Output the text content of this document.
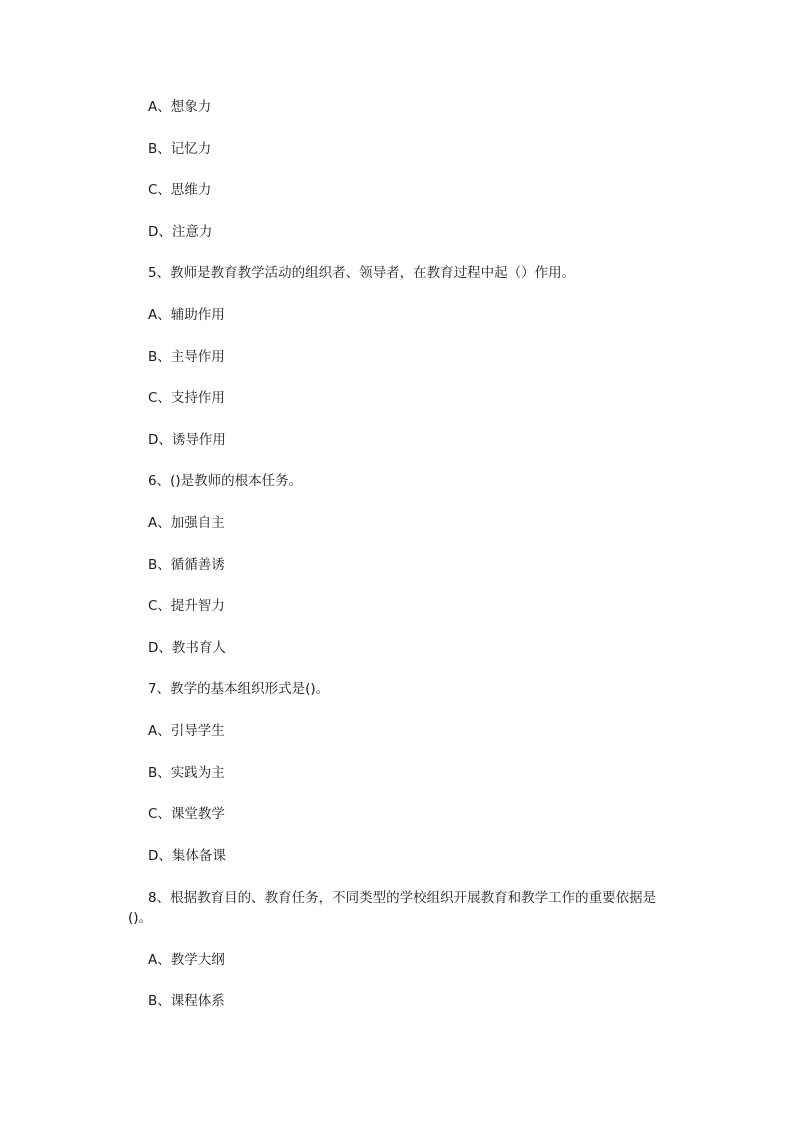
A、想象力
B、记忆力
C、思维力
D、注意力
5、教师是教育教学活动的组织者、领导者，在教育过程中起（）作用。
A、辅助作用
B、主导作用
C、支持作用
D、诱导作用
6、()是教师的根本任务。
A、加强自主
B、循循善诱
C、提升智力
D、教书育人
7、教学的基本组织形式是()。
A、引导学生
B、实践为主
C、课堂教学
D、集体备课
8、根据教育目的、教育任务，不同类型的学校组织开展教育和教学工作的重要依据是()。
A、教学大纲
B、课程体系
